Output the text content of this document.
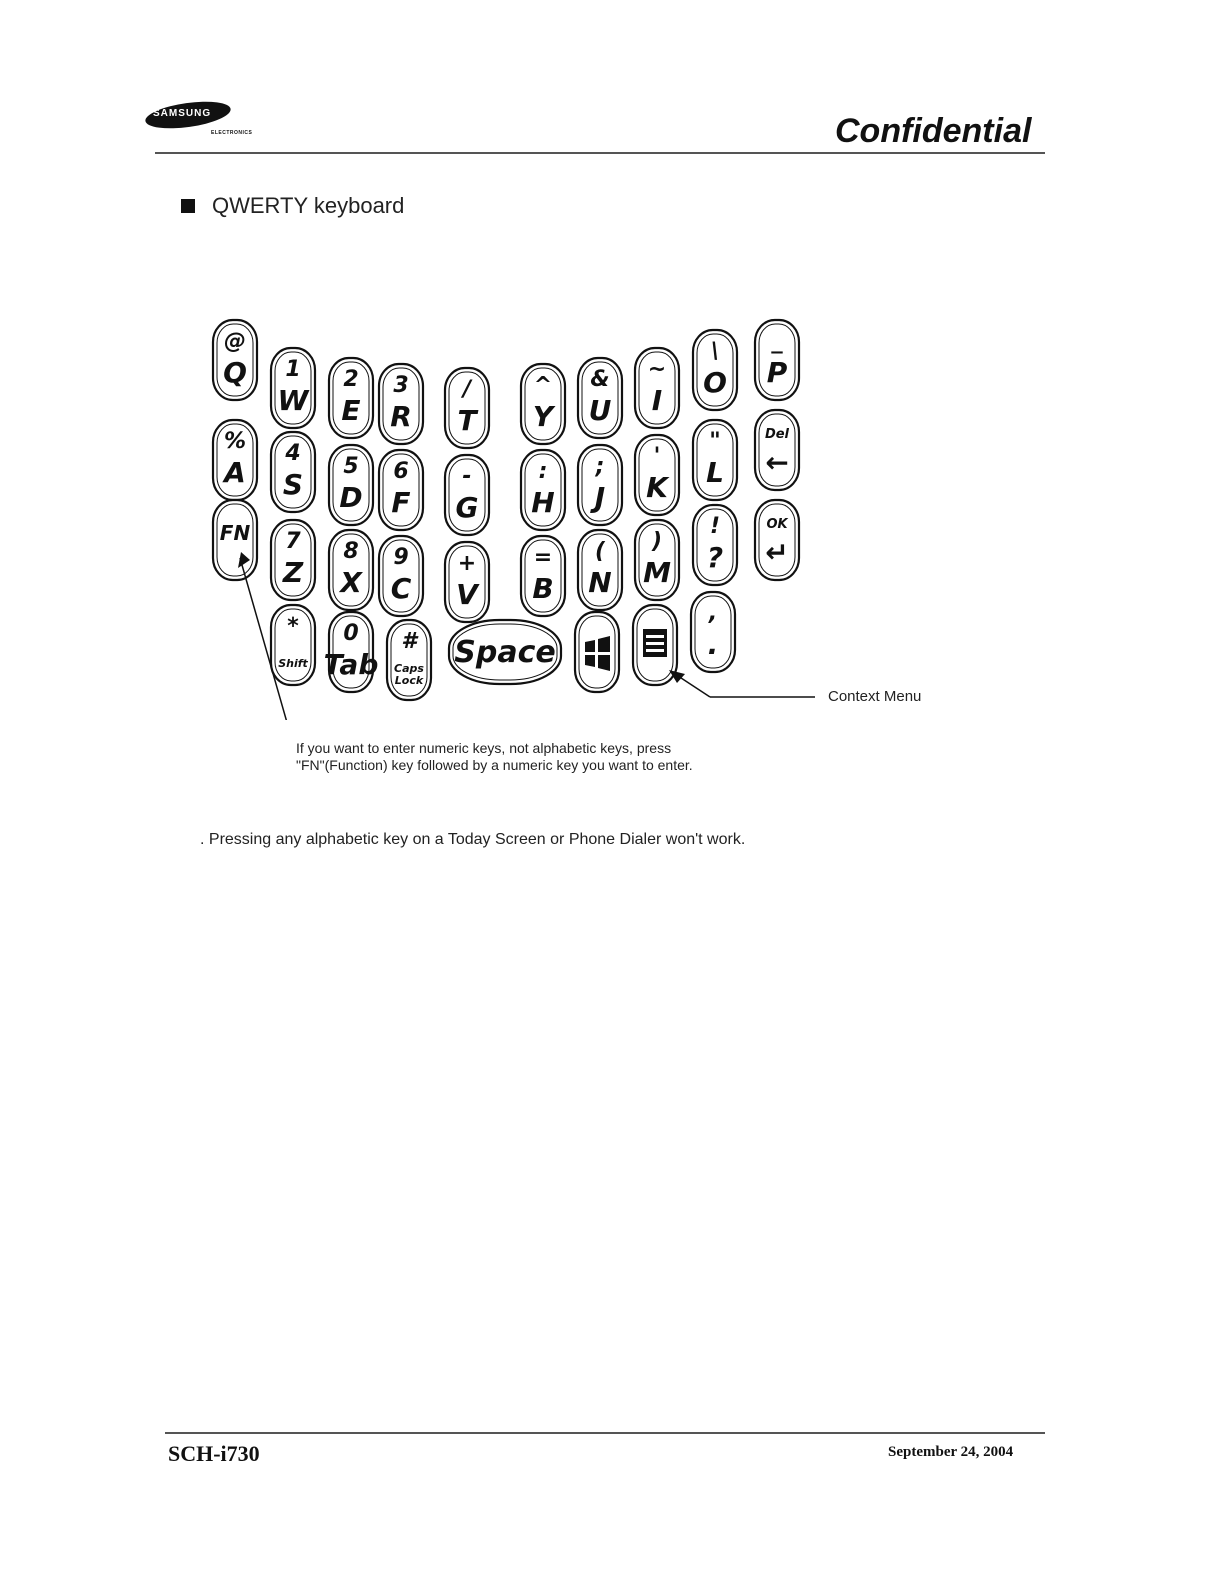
SAMSUNG
ELECTRONICS	Confidential
QWERTY keyboard
@
Q 1
W
2
E
3
R
/
T
^
Y
&
U
~
I
\
O
_
P
%
A
4
S
5
D
6
F
-
G
:
H
;
J
'
K
"
L
Del
←
FN 7
Z
8
X
9
C
+
V
=
B
(
N
)
M
!
?
OK
↵
*
Shift
0
Tab
#
Caps
Lock
Space
,
.
Context Menu
If you want to enter numeric keys, not alphabetic keys, press
"FN"(Function) key followed by a numeric key you want to enter.
. Pressing any alphabetic key on a Today Screen or Phone Dialer won't work.
SCH-i730	September 24, 2004
